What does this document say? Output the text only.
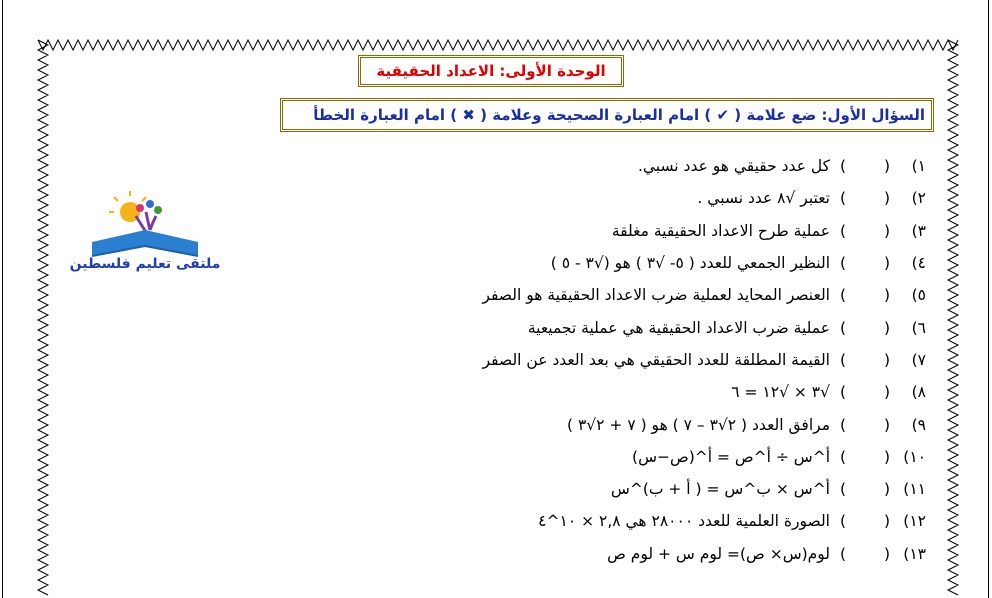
الوحدة الأولى: الاعداد الحقيقية
السؤال الأول: ضع علامة ( ✔ ) امام العبارة الصحيحة وعلامة ( ✖ ) امام العبارة الخطأ
ملتقى تعليم فلسطين
١)
(
)
كل عدد حقيقي هو عدد نسبي.
٢)
(
)
تعتبر √٨ عدد نسبي .
٣)
(
)
عملية طرح الاعداد الحقيقية مغلقة
٤)
(
)
النظير الجمعي للعدد ( ٥- √٣ ) هو (√٣ - ٥ )
٥)
(
)
العنصر المحايد لعملية ضرب الاعداد الحقيقية هو الصفر
٦)
(
)
عملية ضرب الاعداد الحقيقية هي عملية تجميعية
٧)
(
)
القيمة المطلقة للعدد الحقيقي هي بعد العدد عن الصفر
٨)
(
)
√٣ × √١٢ = ٦
٩)
(
)
مرافق العدد ( ٢√٣ – ٧ ) هو ( ٧ + ٢√٣ )
١٠)
(
)
أ^س ÷ أ^ص = أ^(ص−س)
١١)
(
)
أ^س × ب^س = ( أ + ب)^س
١٢)
(
)
الصورة العلمية للعدد ٢٨٠٠٠ هي ٢,٨ × ١٠^٤
١٣)
(
)
لوم(س× ص)= لوم س + لوم ص
